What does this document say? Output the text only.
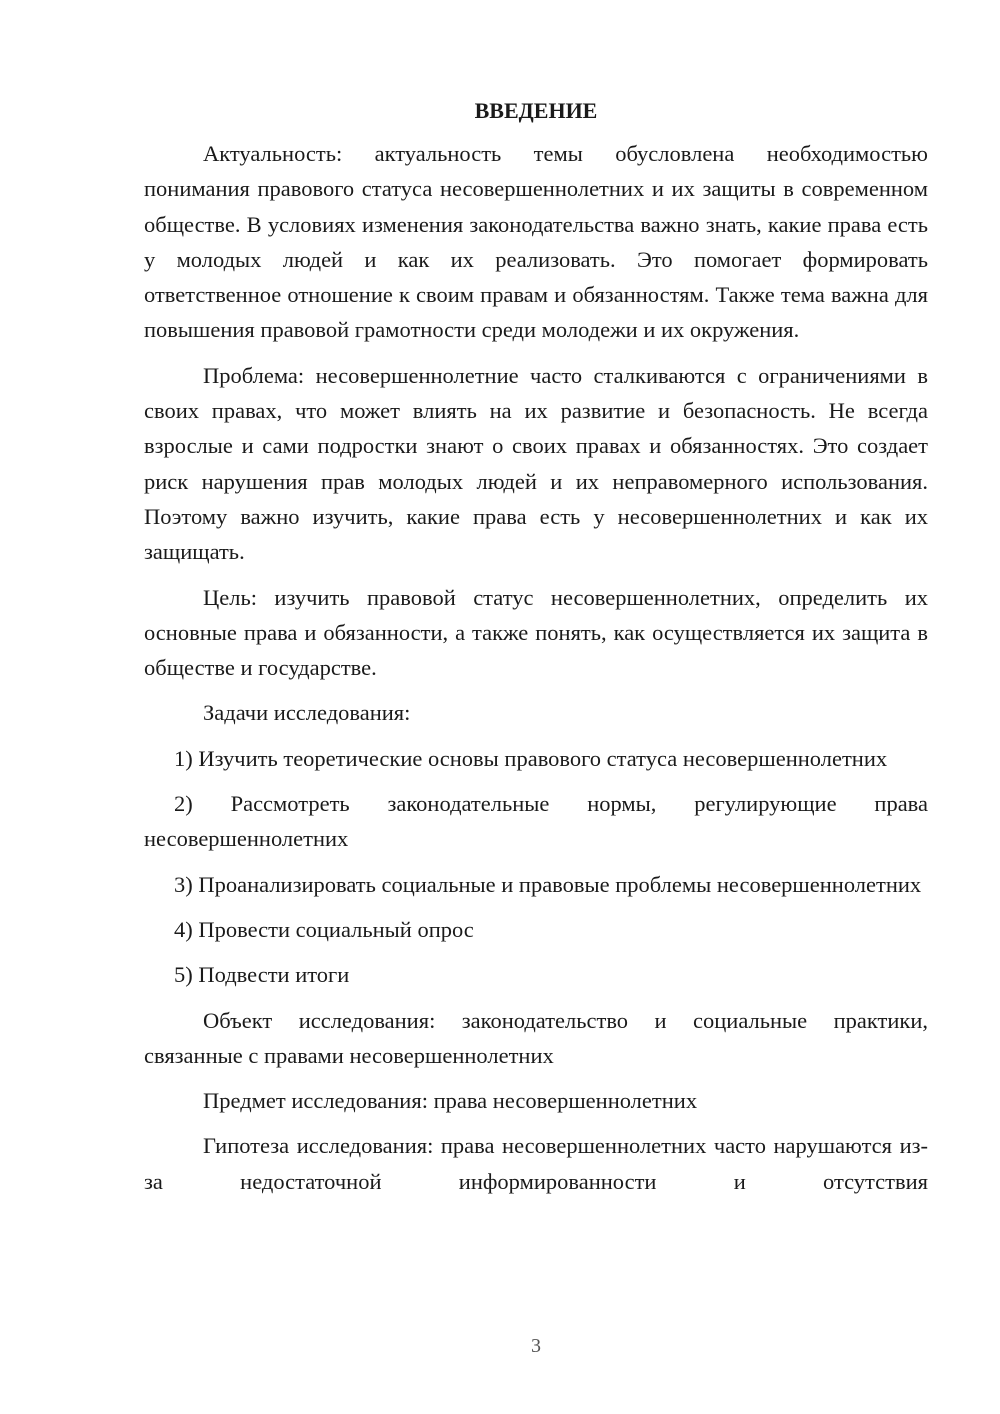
ВВЕДЕНИЕ

Актуальность: актуальность темы обусловлена необходимостью понимания правового статуса несовершеннолетних и их защиты в современном обществе. В условиях изменения законодательства важно знать, какие права есть у молодых людей и как их реализовать. Это помогает формировать ответственное отношение к своим правам и обязанностям. Также тема важна для повышения правовой грамотности среди молодежи и их окружения.

Проблема: несовершеннолетние часто сталкиваются с ограничениями в своих правах, что может влиять на их развитие и безопасность. Не всегда взрослые и сами подростки знают о своих правах и обязанностях. Это создает риск нарушения прав молодых людей и их неправомерного использования. Поэтому важно изучить, какие права есть у несовершеннолетних и как их защищать.

Цель: изучить правовой статус несовершеннолетних, определить их основные права и обязанности, а также понять, как осуществляется их защита в обществе и государстве.

Задачи исследования:

1) Изучить теоретические основы правового статуса несовершеннолетних

2) Рассмотреть законодательные нормы, регулирующие права несовершеннолетних

3) Проанализировать социальные и правовые проблемы несовершеннолетних

4) Провести социальный опрос

5) Подвести итоги

Объект исследования: законодательство и социальные практики, связанные с правами несовершеннолетних

Предмет исследования: права несовершеннолетних

Гипотеза исследования: права несовершеннолетних часто нарушаются из-за недостаточной информированности и отсутствия

3
